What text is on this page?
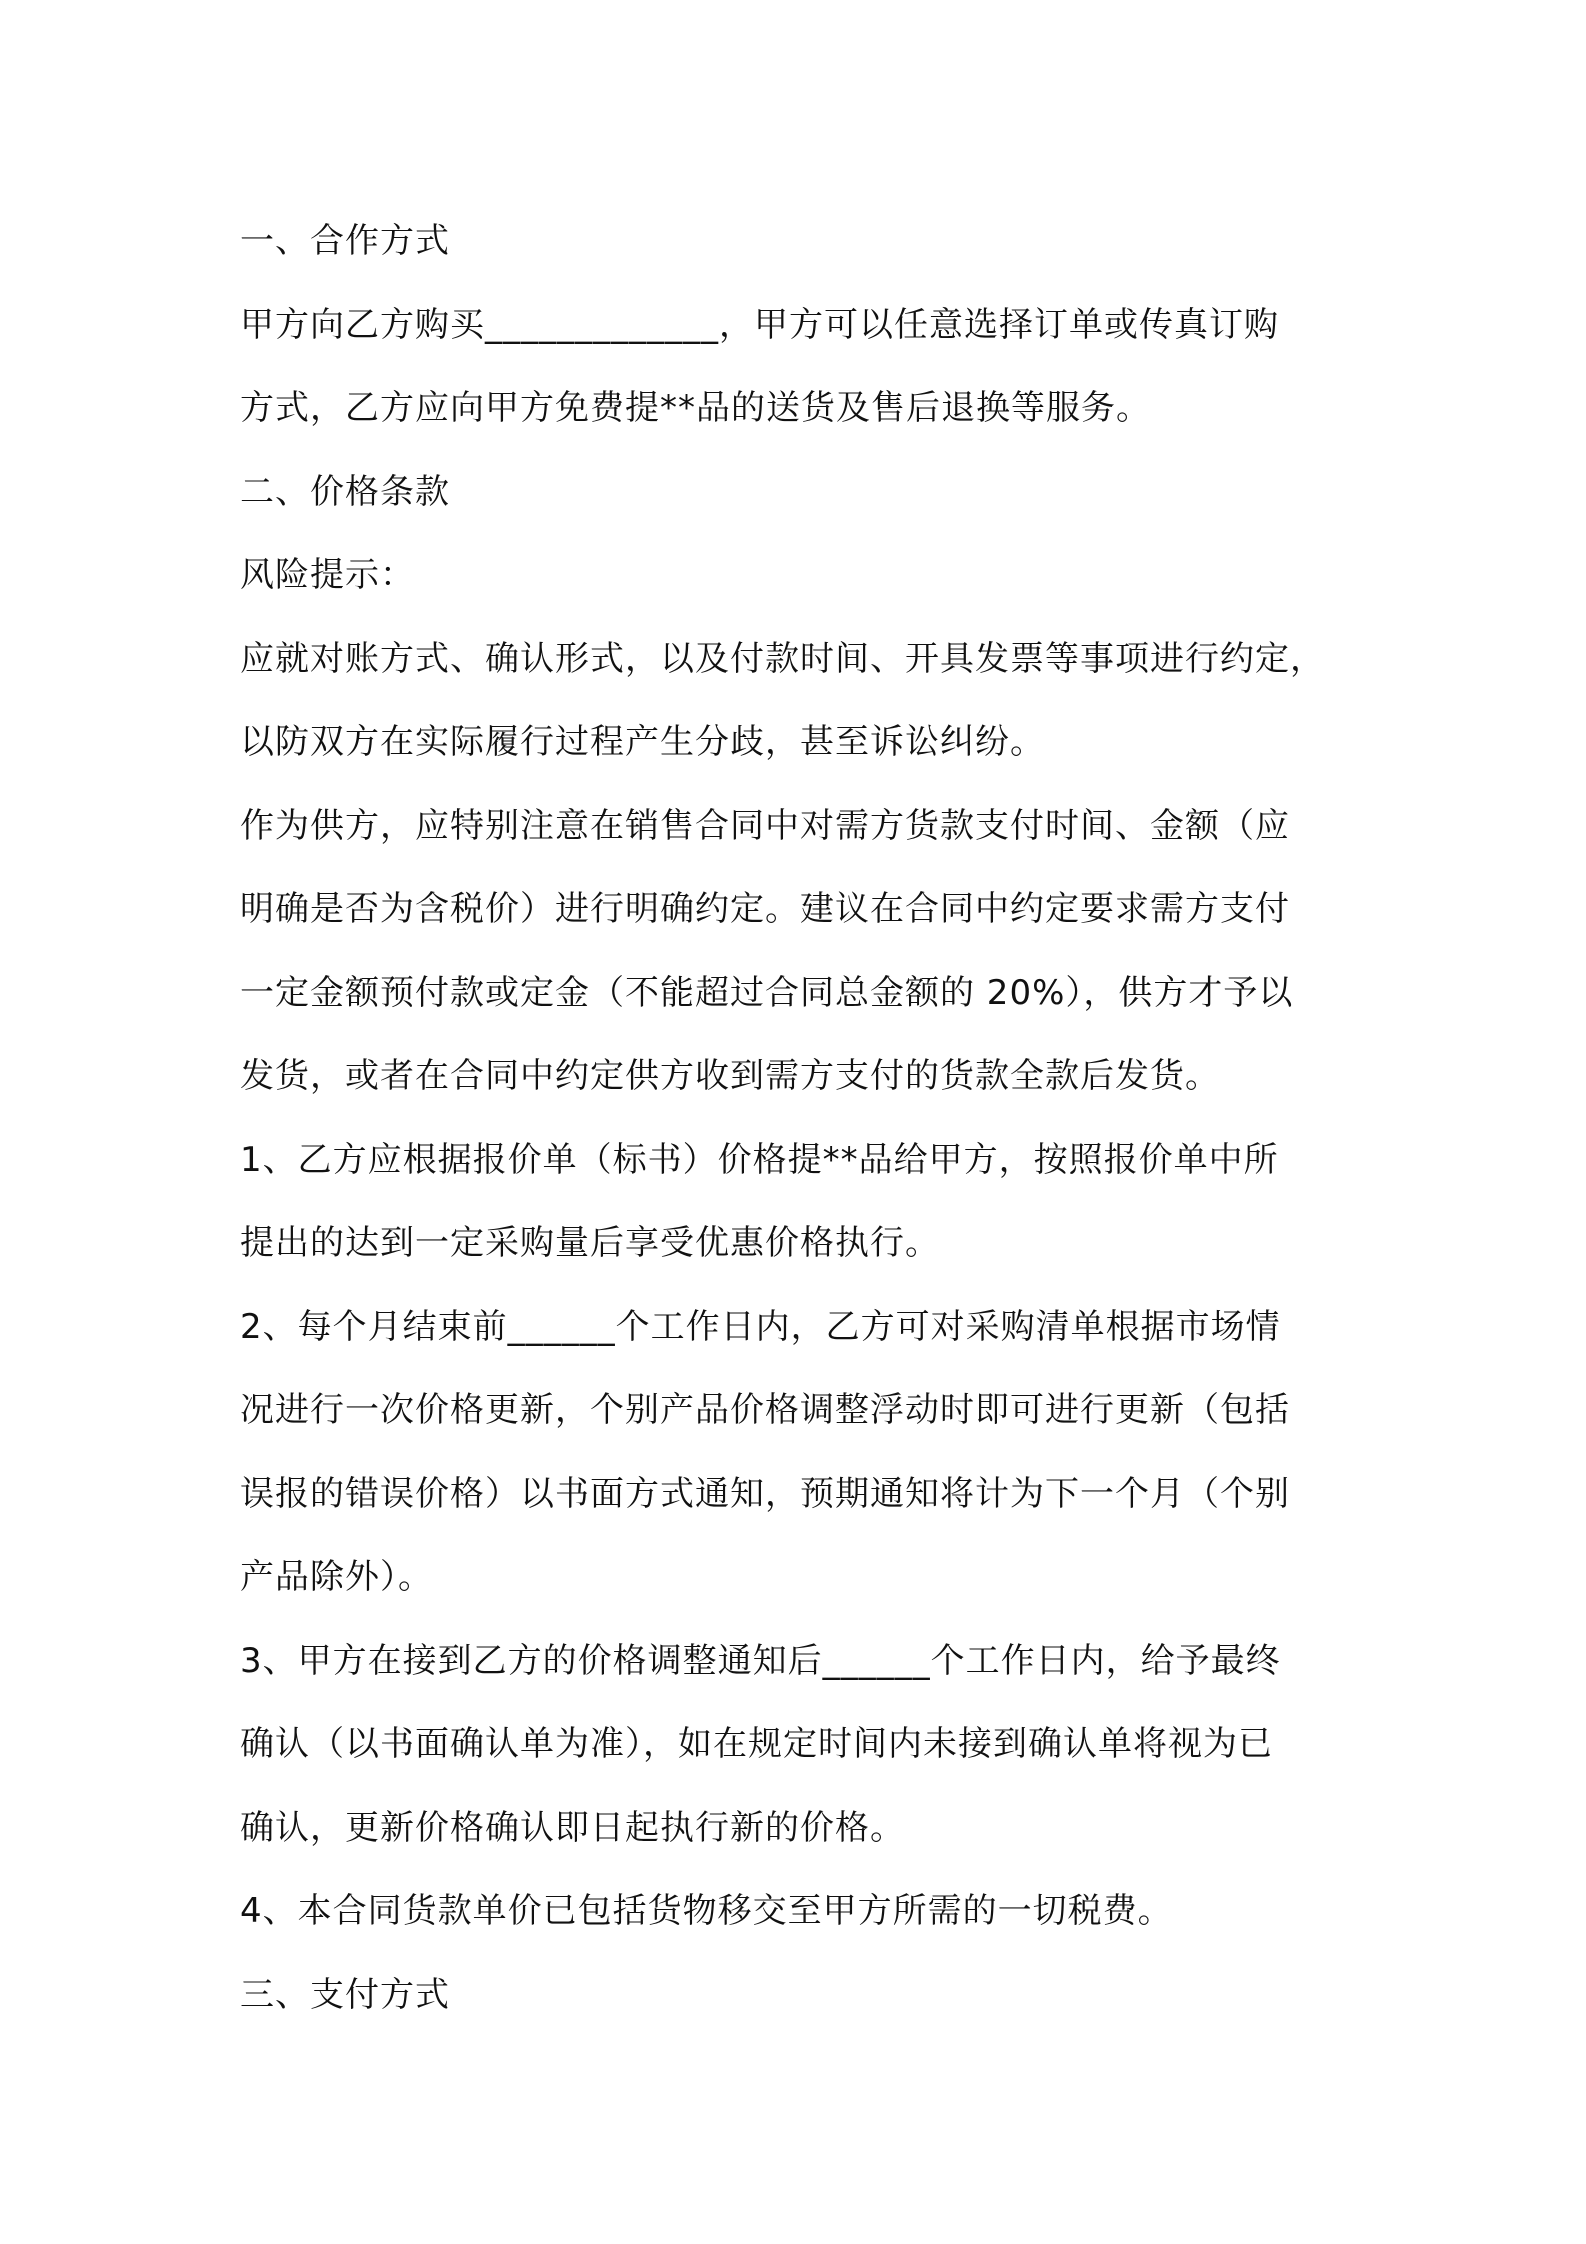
一、合作方式
甲方向乙方购买_____________，甲方可以任意选择订单或传真订购
方式，乙方应向甲方免费提**品的送货及售后退换等服务。
二、价格条款
风险提示：
应就对账方式、确认形式，以及付款时间、开具发票等事项进行约定，
以防双方在实际履行过程产生分歧，甚至诉讼纠纷。
作为供方，应特别注意在销售合同中对需方货款支付时间、金额（应
明确是否为含税价）进行明确约定。建议在合同中约定要求需方支付
一定金额预付款或定金（不能超过合同总金额的 20%），供方才予以
发货，或者在合同中约定供方收到需方支付的货款全款后发货。
1、乙方应根据报价单（标书）价格提**品给甲方，按照报价单中所
提出的达到一定采购量后享受优惠价格执行。
2、每个月结束前______个工作日内，乙方可对采购清单根据市场情
况进行一次价格更新，个别产品价格调整浮动时即可进行更新（包括
误报的错误价格）以书面方式通知，预期通知将计为下一个月（个别
产品除外）。
3、甲方在接到乙方的价格调整通知后______个工作日内，给予最终
确认（以书面确认单为准），如在规定时间内未接到确认单将视为已
确认，更新价格确认即日起执行新的价格。
4、本合同货款单价已包括货物移交至甲方所需的一切税费。
三、支付方式
